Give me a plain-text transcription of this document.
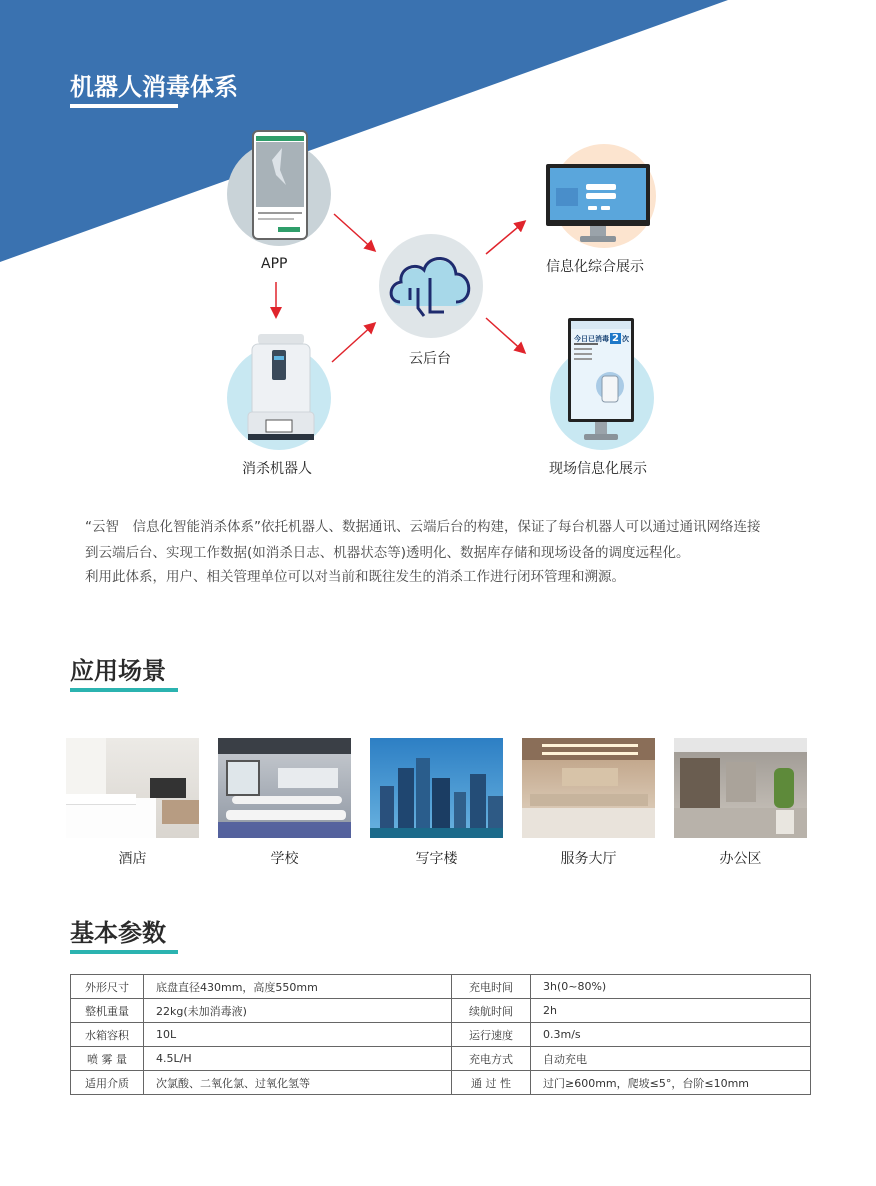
机器人消毒体系
APP
消杀机器人
云后台
信息化综合展示
今日已消毒 2 次
现场信息化展示

“云智　信息化智能消杀体系”依托机器人、数据通讯、云端后台的构建，保证了每台机器人可以通过通讯网络连接

到云端后台、实现工作数据(如消杀日志、机器状态等)透明化、数据库存储和现场设备的调度远程化。

利用此体系，用户、相关管理单位可以对当前和既往发生的消杀工作进行闭环管理和溯源。

应用场景
酒店	学校	写字楼	服务大厅	办公区
基本参数
外形尺寸	底盘直径430mm，高度550mm	充电时间	3h(0~80%)
整机重量	22kg(未加消毒液)	续航时间	2h
水箱容积	10L	运行速度	0.3m/s
喷 雾 量	4.5L/H	充电方式	自动充电
适用介质	次氯酸、二氧化氯、过氧化氢等	通 过 性	过门≥600mm，爬坡≤5°，台阶≤10mm
